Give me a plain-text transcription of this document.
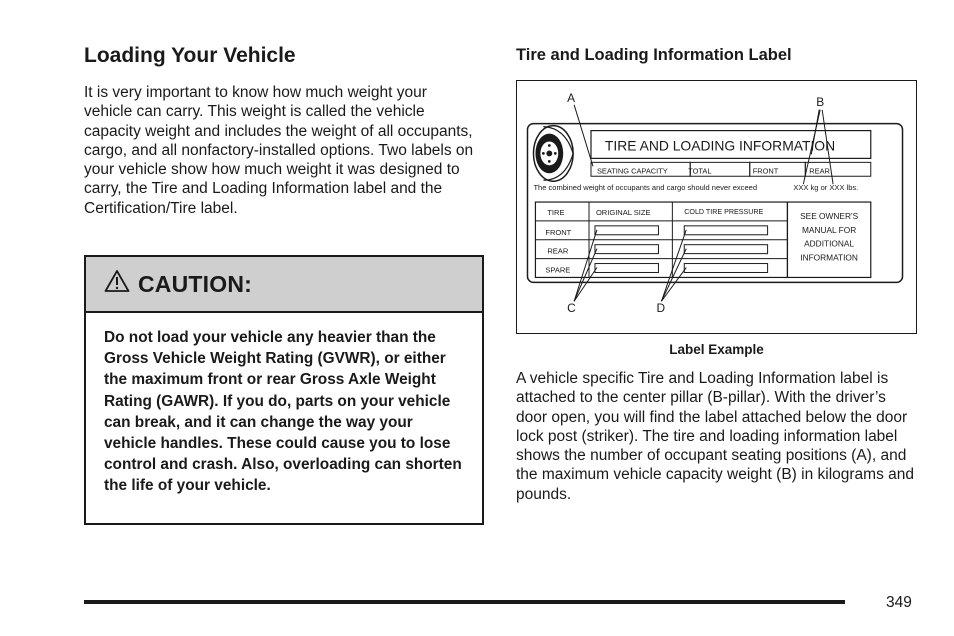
Loading Your Vehicle

It is very important to know how much weight your vehicle can carry. This weight is called the vehicle capacity weight and includes the weight of all occupants, cargo, and all nonfactory-installed options. Two labels on your vehicle show how much weight it was designed to carry, the Tire and Loading Information label and the Certification/Tire label.

CAUTION:

Do not load your vehicle any heavier than the Gross Vehicle Weight Rating (GVWR), or either the maximum front or rear Gross Axle Weight Rating (GAWR). If you do, parts on your vehicle can break, and it can change the way your vehicle handles. These could cause you to lose control and crash. Also, overloading can shorten the life of your vehicle.

Tire and Loading Information Label
TIRE AND LOADING INFORMATION
SEATING CAPACITY	TOTAL	FRONT	REAR
The combined weight of occupants and cargo should never exceed	XXX kg or XXX lbs.
TIRE	ORIGINAL SIZE	COLD TIRE PRESSURE
FRONT
REAR
SPARE
SEE OWNER'S
MANUAL FOR
ADDITIONAL
INFORMATION
A	B
C	D

Label Example

A vehicle specific Tire and Loading Information label is attached to the center pillar (B-pillar). With the driver’s door open, you will find the label attached below the door lock post (striker). The tire and loading information label shows the number of occupant seating positions (A), and the maximum vehicle capacity weight (B) in kilograms and pounds.

349
